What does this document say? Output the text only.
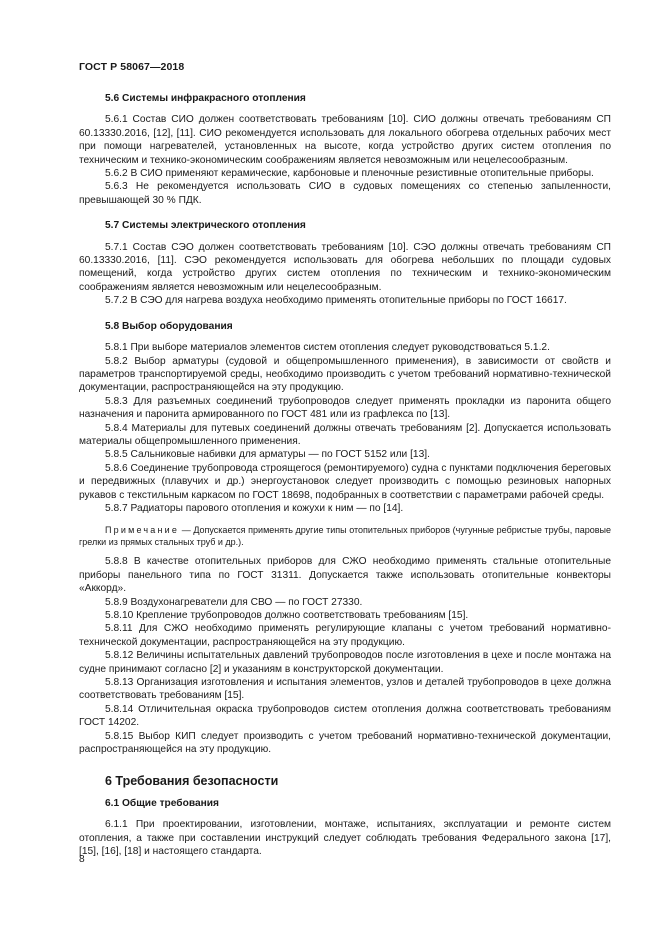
ГОСТ Р 58067—2018
5.6 Системы инфракрасного отопления

5.6.1 Состав СИО должен соответствовать требованиям [10]. СИО должны отвечать требованиям СП 60.13330.2016, [12], [11]. СИО рекомендуется использовать для локального обогрева отдельных рабочих мест при помощи нагревателей, установленных на высоте, когда устройство других систем отопления по техническим и технико-экономическим соображениям является невозможным или нецелесообразным.

5.6.2 В СИО применяют керамические, карбоновые и пленочные резистивные отопительные приборы.

5.6.3 Не рекомендуется использовать СИО в судовых помещениях со степенью запыленности, превышающей 30 % ПДК.

5.7 Системы электрического отопления

5.7.1 Состав СЭО должен соответствовать требованиям [10]. СЭО должны отвечать требованиям СП 60.13330.2016, [11]. СЭО рекомендуется использовать для обогрева небольших по площади судовых помещений, когда устройство других систем отопления по техническим и технико-экономическим соображениям является невозможным или нецелесообразным.

5.7.2 В СЭО для нагрева воздуха необходимо применять отопительные приборы по ГОСТ 16617.

5.8 Выбор оборудования

5.8.1 При выборе материалов элементов систем отопления следует руководствоваться 5.1.2.

5.8.2 Выбор арматуры (судовой и общепромышленного применения), в зависимости от свойств и параметров транспортируемой среды, необходимо производить с учетом требований нормативно-технической документации, распространяющейся на эту продукцию.

5.8.3 Для разъемных соединений трубопроводов следует применять прокладки из паронита общего назначения и паронита армированного по ГОСТ 481 или из графлекса по [13].

5.8.4 Материалы для путевых соединений должны отвечать требованиям [2]. Допускается использовать материалы общепромышленного применения.

5.8.5 Сальниковые набивки для арматуры — по ГОСТ 5152 или [13].

5.8.6 Соединение трубопровода строящегося (ремонтируемого) судна с пунктами подключения береговых и передвижных (плавучих и др.) энергоустановок следует производить с помощью резиновых напорных рукавов с текстильным каркасом по ГОСТ 18698, подобранных в соответствии с параметрами рабочей среды.

5.8.7 Радиаторы парового отопления и кожухи к ним — по [14].

Примечание — Допускается применять другие типы отопительных приборов (чугунные ребристые трубы, паровые грелки из прямых стальных труб и др.).

5.8.8 В качестве отопительных приборов для СЖО необходимо применять стальные отопительные приборы панельного типа по ГОСТ 31311. Допускается также использовать отопительные конвекторы «Аккорд».

5.8.9 Воздухонагреватели для СВО — по ГОСТ 27330.

5.8.10 Крепление трубопроводов должно соответствовать требованиям [15].

5.8.11 Для СЖО необходимо применять регулирующие клапаны с учетом требований нормативно-технической документации, распространяющейся на эту продукцию.

5.8.12 Величины испытательных давлений трубопроводов после изготовления в цехе и после монтажа на судне принимают согласно [2] и указаниям в конструкторской документации.

5.8.13 Организация изготовления и испытания элементов, узлов и деталей трубопроводов в цехе должна соответствовать требованиям [15].

5.8.14 Отличительная окраска трубопроводов систем отопления должна соответствовать требованиям ГОСТ 14202.

5.8.15 Выбор КИП следует производить с учетом требований нормативно-технической документации, распространяющейся на эту продукцию.

6 Требования безопасности
6.1 Общие требования

6.1.1 При проектировании, изготовлении, монтаже, испытаниях, эксплуатации и ремонте систем отопления, а также при составлении инструкций следует соблюдать требования Федерального закона [17], [15], [16], [18] и настоящего стандарта.

8
